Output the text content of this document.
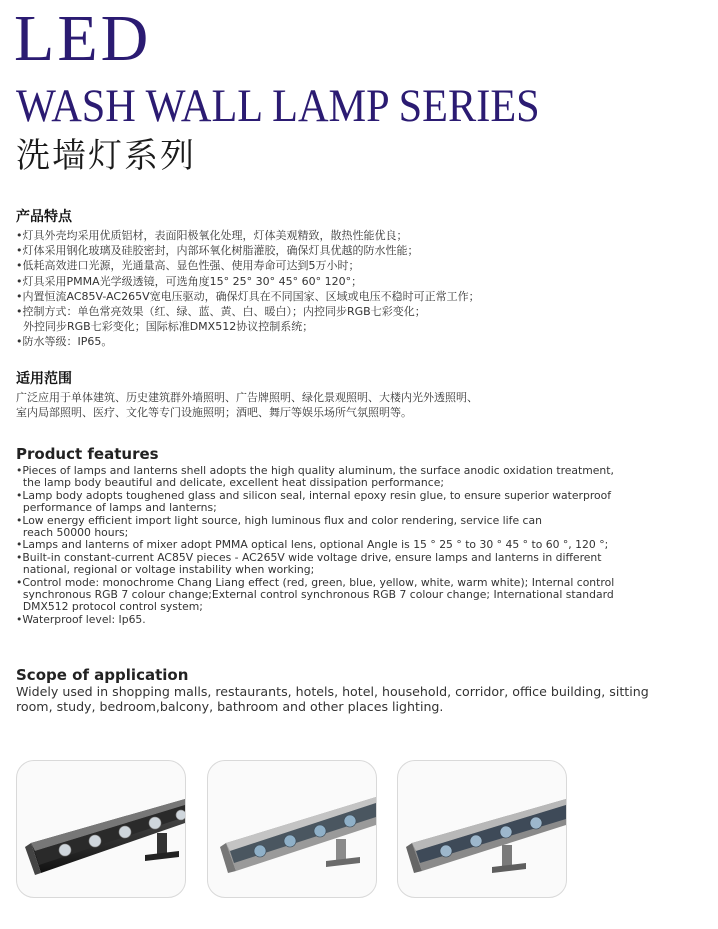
LED
WASH WALL LAMP SERIES
洗墙灯系列
产品特点
•灯具外壳均采用优质铝材，表面阳极氧化处理，灯体美观精致，散热性能优良；
•灯体采用钢化玻璃及硅胶密封，内部环氧化树脂灌胶，确保灯具优越的防水性能；
•低耗高效进口光源，光通量高、显色性强、使用寿命可达到5万小时；
•灯具采用PMMA光学级透镜，可选角度15° 25° 30° 45° 60° 120°；
•内置恒流AC85V-AC265V宽电压驱动，确保灯具在不同国家、区域或电压不稳时可正常工作；
•控制方式：单色常亮效果（红、绿、蓝、黄、白、暖白）；内控同步RGB七彩变化；
外控同步RGB七彩变化；国际标准DMX512协议控制系统；
•防水等级：IP65。
适用范围
广泛应用于单体建筑、历史建筑群外墙照明、广告牌照明、绿化景观照明、大楼内光外透照明、
室内局部照明、医疗、文化等专门设施照明；酒吧、舞厅等娱乐场所气氛照明等。
Product features
•Pieces of lamps and lanterns shell adopts the high quality aluminum, the surface anodic oxidation treatment,
the lamp body beautiful and delicate, excellent heat dissipation performance;
•Lamp body adopts toughened glass and silicon seal, internal epoxy resin glue, to ensure superior waterproof
performance of lamps and lanterns;
•Low energy efficient import light source, high luminous flux and color rendering, service life can
reach 50000 hours;
•Lamps and lanterns of mixer adopt PMMA optical lens, optional Angle is 15 ° 25 ° to 30 ° 45 ° to 60 °, 120 °;
•Built-in constant-current AC85V pieces - AC265V wide voltage drive, ensure lamps and lanterns in different
national, regional or voltage instability when working;
•Control mode: monochrome Chang Liang effect (red, green, blue, yellow, white, warm white); Internal control
synchronous RGB 7 colour change;External control synchronous RGB 7 colour change; International standard
DMX512 protocol control system;
•Waterproof level: Ip65.
Scope of application
Widely used in shopping malls, restaurants, hotels, hotel, household, corridor, office building, sitting
room, study, bedroom,balcony, bathroom and other places lighting.
